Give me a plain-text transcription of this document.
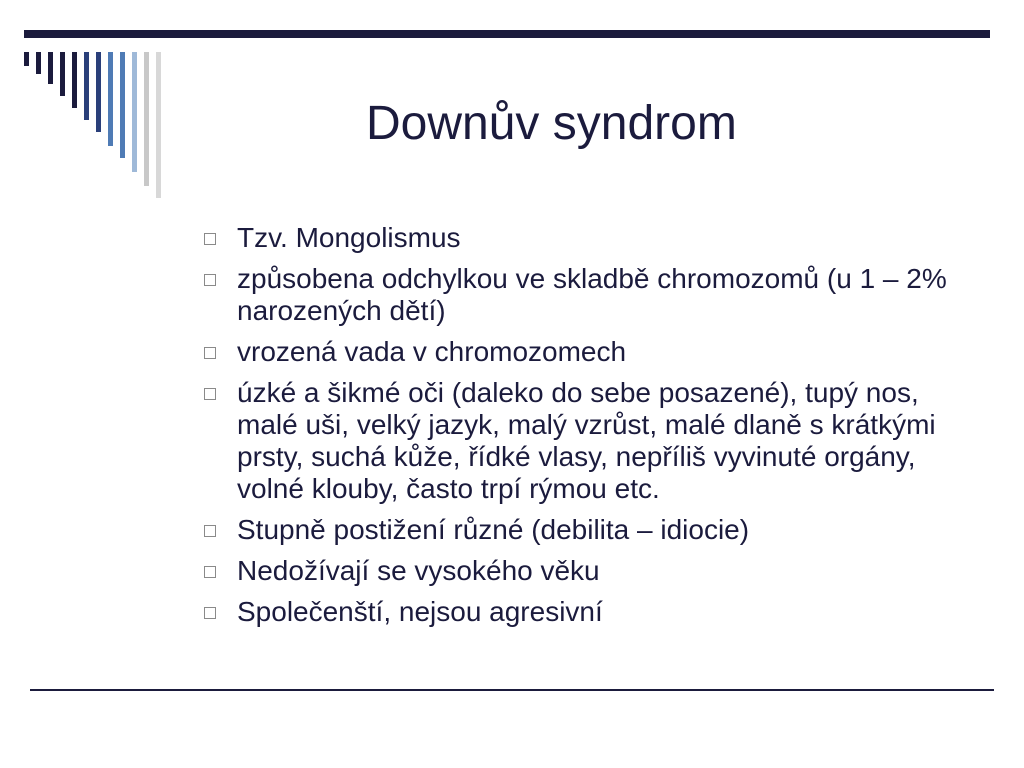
Downův syndrom
Tzv. Mongolismus
způsobena odchylkou ve skladbě chromozomů (u 1 – 2% narozených dětí)
vrozená vada v chromozomech
úzké a šikmé oči (daleko do sebe posazené), tupý nos, malé uši, velký jazyk, malý vzrůst, malé dlaně s krátkými prsty, suchá kůže, řídké vlasy, nepříliš vyvinuté orgány, volné klouby, často trpí rýmou etc.
Stupně postižení různé (debilita – idiocie)
Nedožívají se vysokého věku
Společenští, nejsou agresivní
